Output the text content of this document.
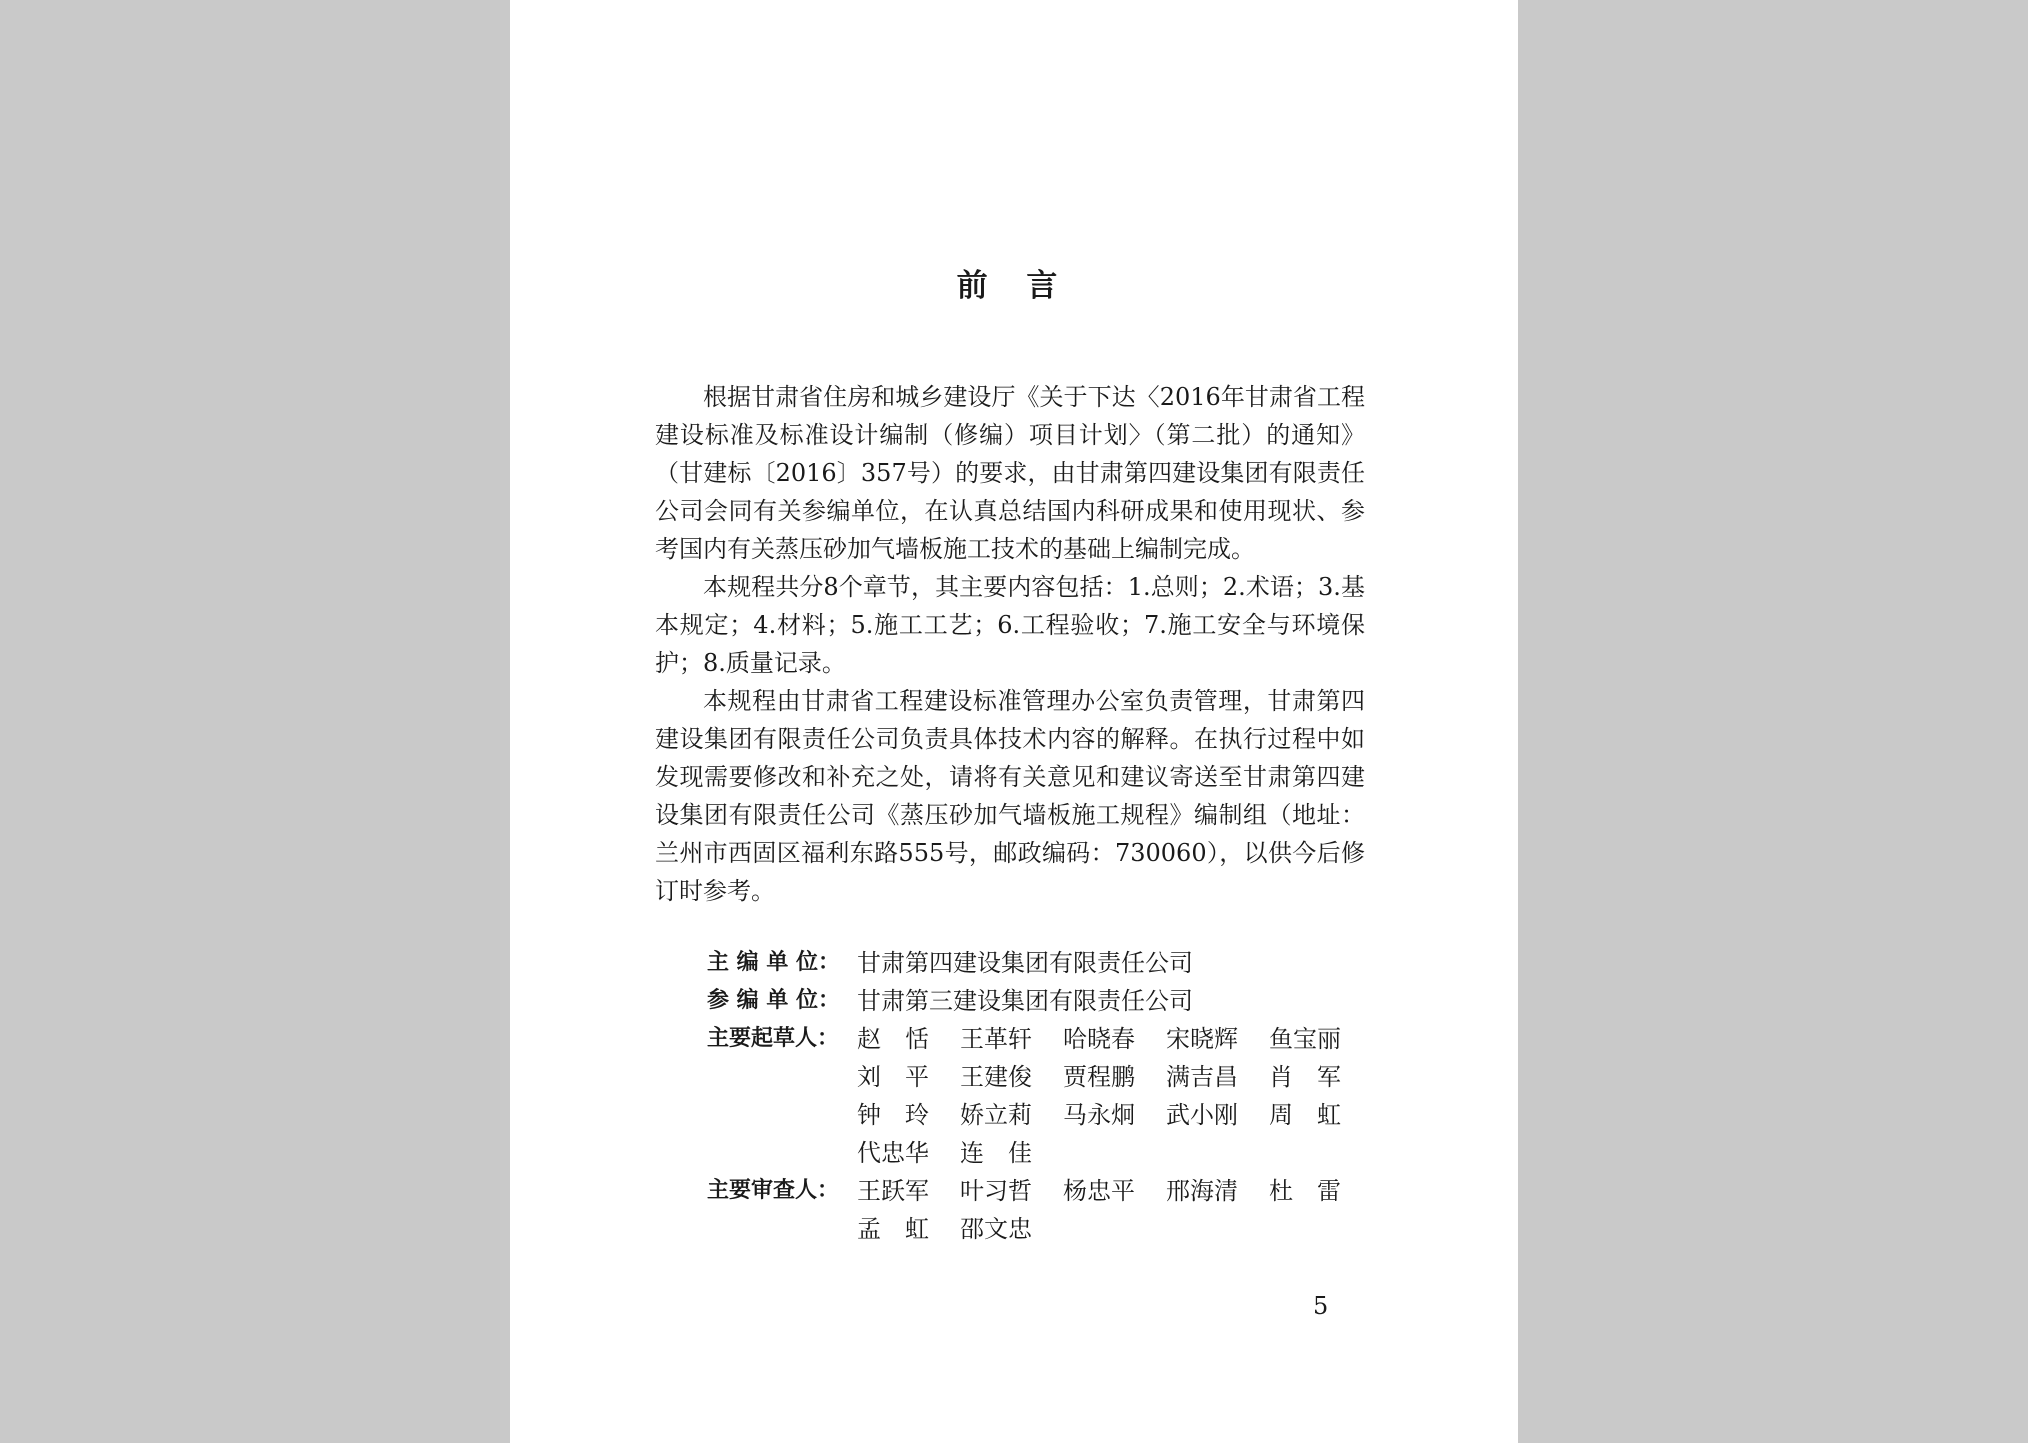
前 言

根据甘肃省住房和城乡建设厅《关于下达〈2016年甘肃省工程建设标准及标准设计编制（修编）项目计划〉（第二批）的通知》（甘建标〔2016〕357号）的要求，由甘肃第四建设集团有限责任公司会同有关参编单位，在认真总结国内科研成果和使用现状、参考国内有关蒸压砂加气墙板施工技术的基础上编制完成。

本规程共分8个章节，其主要内容包括：1.总则；2.术语；3.基本规定；4.材料；5.施工工艺；6.工程验收；7.施工安全与环境保护；8.质量记录。

本规程由甘肃省工程建设标准管理办公室负责管理，甘肃第四建设集团有限责任公司负责具体技术内容的解释。在执行过程中如发现需要修改和补充之处，请将有关意见和建议寄送至甘肃第四建设集团有限责任公司《蒸压砂加气墙板施工规程》编制组（地址：兰州市西固区福利东路555号，邮政编码：730060），以供今后修订时参考。

主 编 单 位： 甘肃第四建设集团有限责任公司
参 编 单 位： 甘肃第三建设集团有限责任公司
主要起草人： 赵　恬	王革轩	哈晓春	宋晓辉	鱼宝丽
刘　平	王建俊	贾程鹏	满吉昌	肖　军
钟　玲	娇立莉	马永炯	武小刚	周　虹
代忠华	连　佳
主要审查人： 王跃军	叶习哲	杨忠平	邢海清	杜　雷
孟　虹	邵文忠
5
